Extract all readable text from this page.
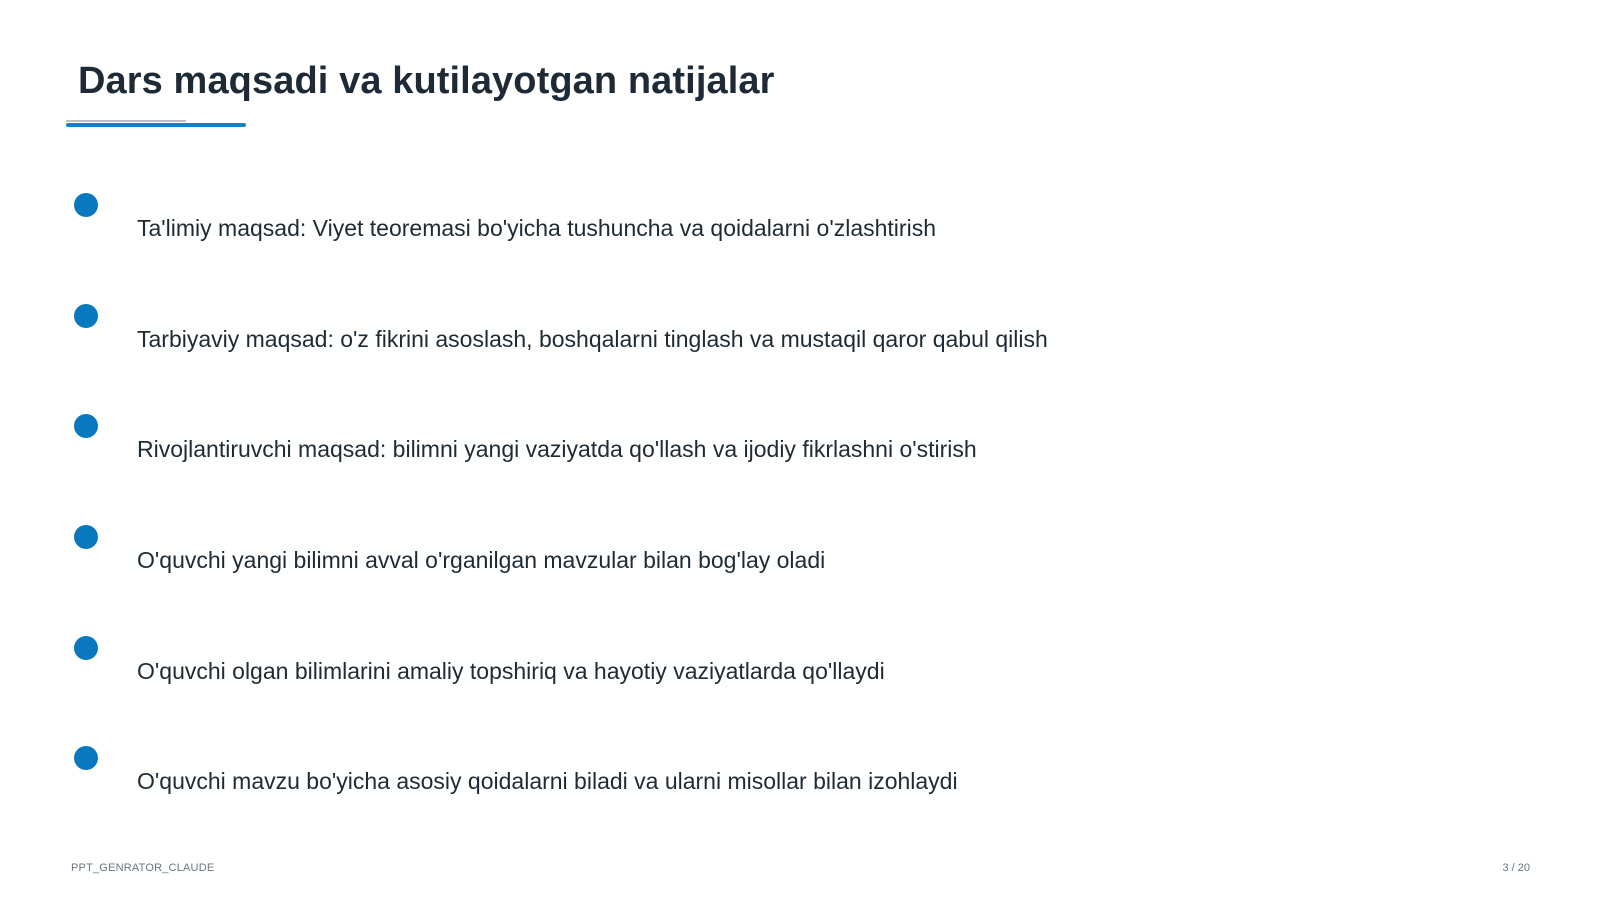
Dars maqsadi va kutilayotgan natijalar
Ta'limiy maqsad: Viyet teoremasi bo'yicha tushuncha va qoidalarni o'zlashtirish
Tarbiyaviy maqsad: o'z fikrini asoslash, boshqalarni tinglash va mustaqil qaror qabul qilish
Rivojlantiruvchi maqsad: bilimni yangi vaziyatda qo'llash va ijodiy fikrlashni o'stirish
O'quvchi yangi bilimni avval o'rganilgan mavzular bilan bog'lay oladi
O'quvchi olgan bilimlarini amaliy topshiriq va hayotiy vaziyatlarda qo'llaydi
O'quvchi mavzu bo'yicha asosiy qoidalarni biladi va ularni misollar bilan izohlaydi
PPT_GENRATOR_CLAUDE	3 / 20
